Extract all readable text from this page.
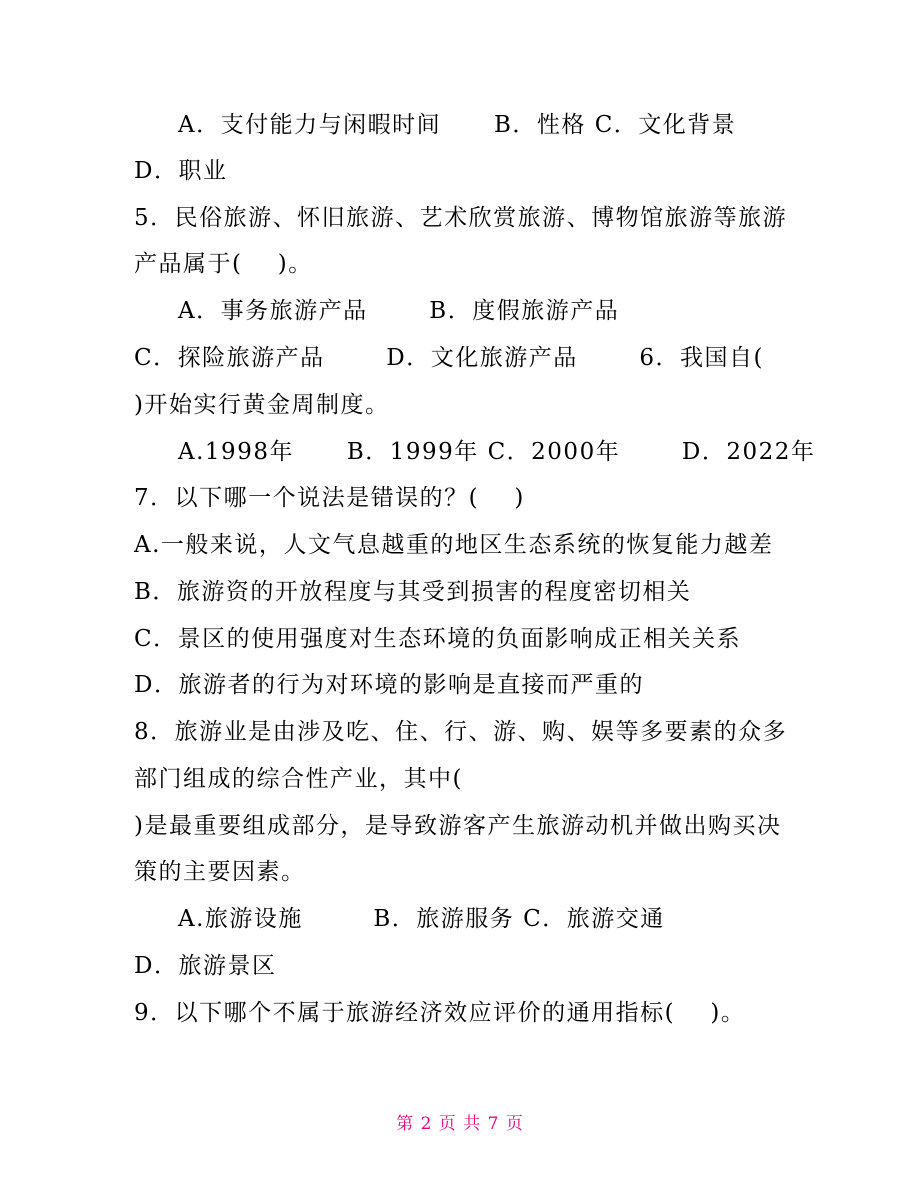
A．支付能力与闲暇时间      B．性格 C．文化背景
D．职业
5．民俗旅游、怀旧旅游、艺术欣赏旅游、博物馆旅游等旅游
产品属于(    )。
A．事务旅游产品       B．度假旅游产品
C．探险旅游产品       D．文化旅游产品       6．我国自(
)开始实行黄金周制度。
A.1998年      B．1999年 C．2000年       D．2022年
7．以下哪一个说法是错误的？(    )
A.一般来说，人文气息越重的地区生态系统的恢复能力越差
B．旅游资的开放程度与其受到损害的程度密切相关
C．景区的使用强度对生态环境的负面影响成正相关关系
D．旅游者的行为对环境的影响是直接而严重的
8．旅游业是由涉及吃、住、行、游、购、娱等多要素的众多
部门组成的综合性产业，其中(
)是最重要组成部分，是导致游客产生旅游动机并做出购买决
策的主要因素。
A.旅游设施        B．旅游服务 C．旅游交通
D．旅游景区
9．以下哪个不属于旅游经济效应评价的通用指标(    )。
第 2 页 共 7 页
